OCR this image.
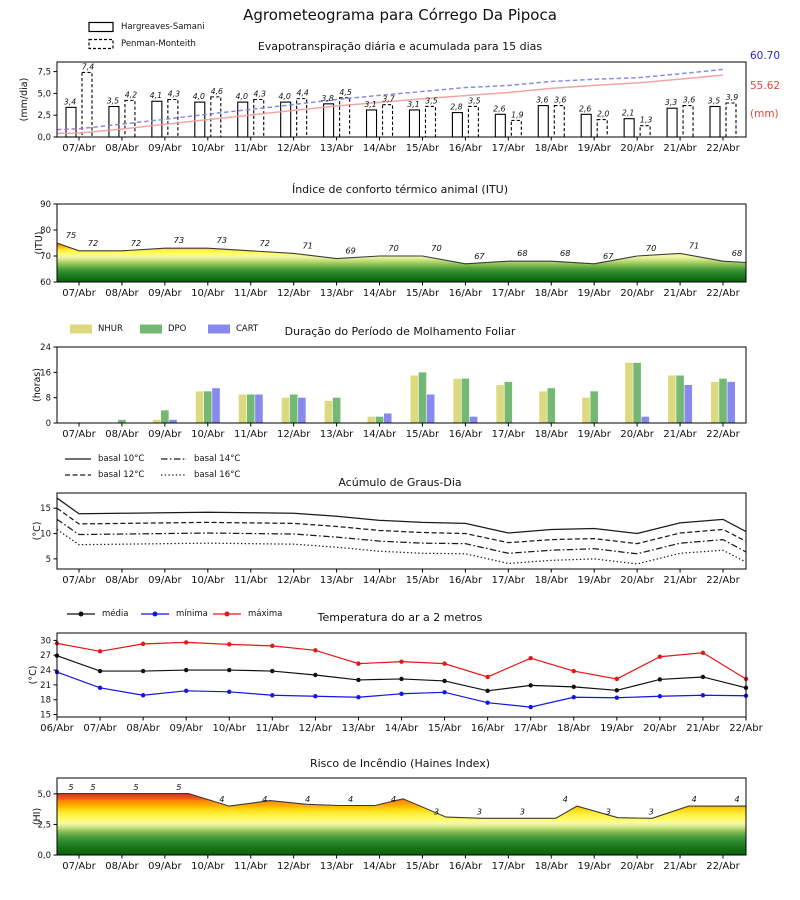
3,4	3,5
4,1	4,0	4,0	4,0	3,8
3,1	3,1	2,8	2,6
3,6
2,6	2,1
3,3	3,5
7,4
4,2	4,3	4,6	4,3	4,4	4,5
3,7	3,5	3,5
1,9
3,6
2,0
1,3
3,6	3,9
0,0
2,5
5,0
7,5
07/Abr 08/Abr 09/Abr 10/Abr 11/Abr 12/Abr 13/Abr 14/Abr 15/Abr 16/Abr 17/Abr 18/Abr 19/Abr 20/Abr 21/Abr 22/Abr
(mm/dia)
75
72	72	73	73	72	71
69	70	70
67	68	68	67
70	71
68
60
70
80
90
07/Abr 08/Abr 09/Abr 10/Abr 11/Abr 12/Abr 13/Abr 14/Abr 15/Abr 16/Abr 17/Abr 18/Abr 19/Abr 20/Abr 21/Abr 22/Abr
(ITU)
0
8
16
24
07/Abr 08/Abr 09/Abr 10/Abr 11/Abr 12/Abr 13/Abr 14/Abr 15/Abr 16/Abr 17/Abr 18/Abr 19/Abr 20/Abr 21/Abr 22/Abr
(horas)
5
10
15
07/Abr 08/Abr 09/Abr 10/Abr 11/Abr 12/Abr 13/Abr 14/Abr 15/Abr 16/Abr 17/Abr 18/Abr 19/Abr 20/Abr 21/Abr 22/Abr
(°C)
15
18
21
24
27
30
06/Abr 07/Abr 08/Abr 09/Abr 10/Abr 11/Abr 12/Abr 13/Abr 14/Abr 15/Abr 16/Abr 17/Abr 18/Abr 19/Abr 20/Abr 21/Abr 22/Abr
(°C)
5 5	5	5
4	4	4	4	4
3	3	3
4
3	3
4	4
0,0
2,5
5,0
07/Abr 08/Abr 09/Abr 10/Abr 11/Abr 12/Abr 13/Abr 14/Abr 15/Abr 16/Abr 17/Abr 18/Abr 19/Abr 20/Abr 21/Abr 22/Abr
(HI)
Agrometeograma para Córrego Da Pipoca
Evapotranspiração diária e acumulada para 15 dias
Índice de conforto térmico animal (ITU)
Duração do Período de Molhamento Foliar
Acúmulo de Graus-Dia
Temperatura do ar a 2 metros
Risco de Incêndio (Haines Index)
Hargreaves-Samani
Penman-Monteith
60.70
55.62
(mm)
NHUR	DPO	CART
basal 10°C
basal 12°C
basal 14°C
basal 16°C
média	mínima	máxima
